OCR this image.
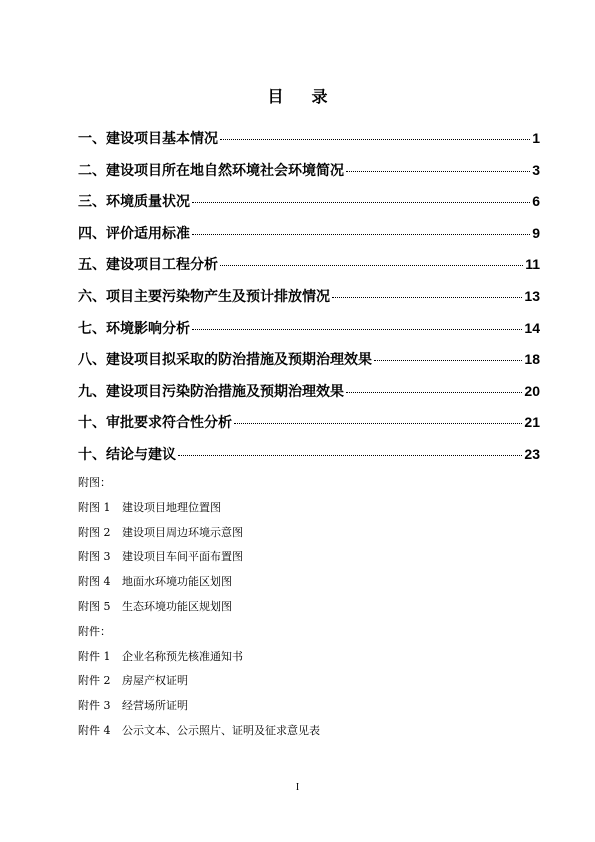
目 录
一、建设项目基本情况	1
二、建设项目所在地自然环境社会环境简况	3
三、环境质量状况	6
四、评价适用标准	9
五、建设项目工程分析	11
六、项目主要污染物产生及预计排放情况	13
七、环境影响分析	14
八、建设项目拟采取的防治措施及预期治理效果	18
九、建设项目污染防治措施及预期治理效果	20
十、审批要求符合性分析	21
十、结论与建议	23
附图：
附图 1 建设项目地理位置图
附图 2 建设项目周边环境示意图
附图 3 建设项目车间平面布置图
附图 4 地面水环境功能区划图
附图 5 生态环境功能区规划图
附件：
附件 1 企业名称预先核准通知书
附件 2 房屋产权证明
附件 3 经营场所证明
附件 4 公示文本、公示照片、证明及征求意见表
I
